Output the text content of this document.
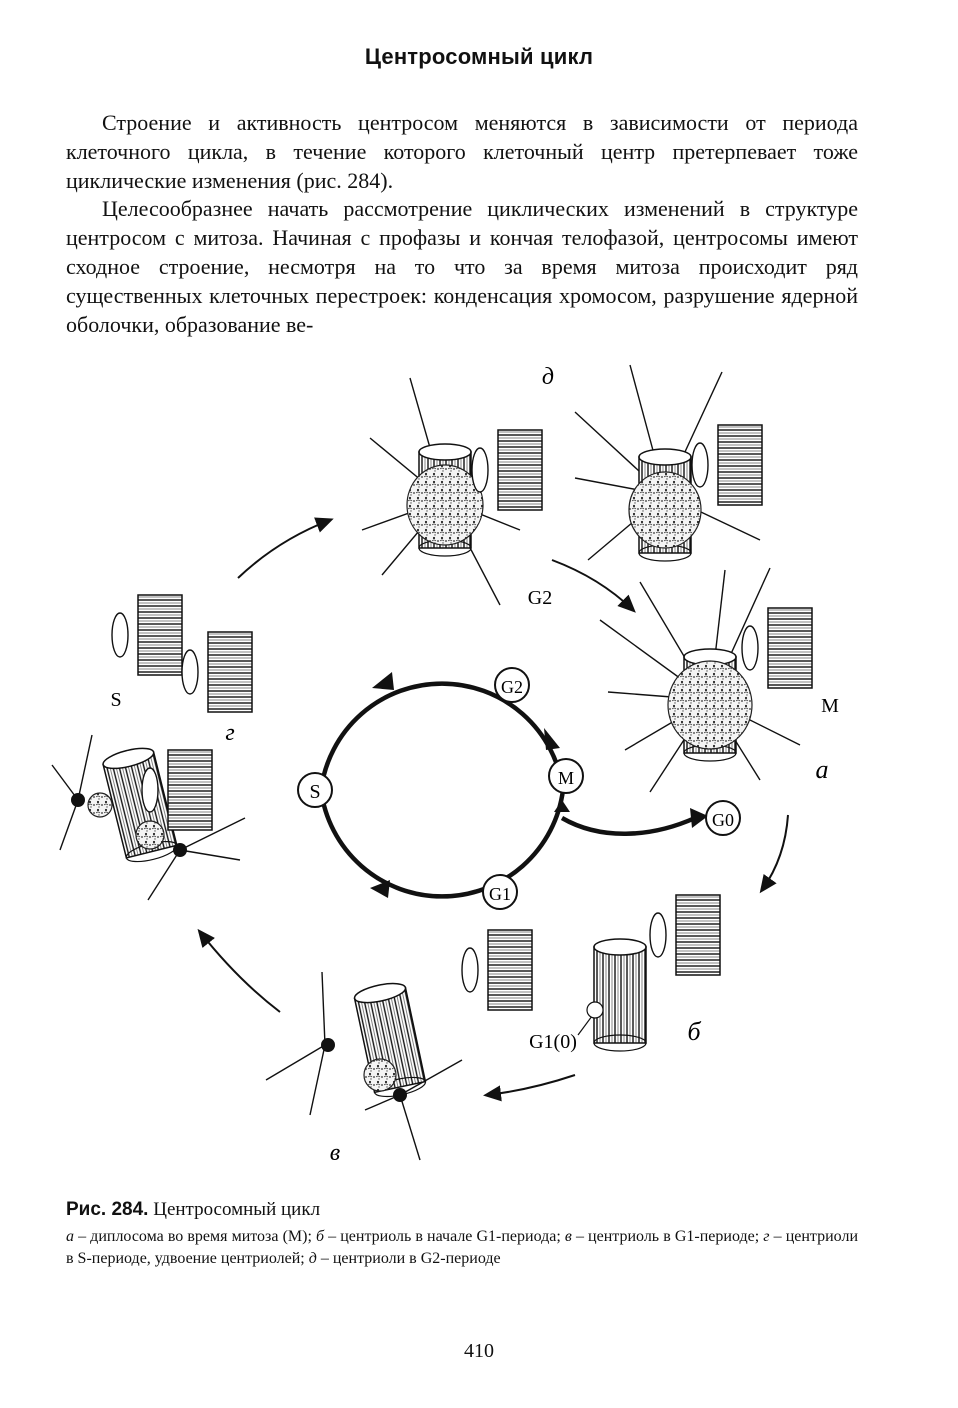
Центросомный цикл

Строение и активность центросом меняются в зависимости от периода клеточного цикла, в течение которого клеточный центр претерпевает тоже циклические изменения (рис. 284).

Целесообразнее начать рассмотрение циклических изменений в структуре центросом с митоза. Начиная с профазы и кончая телофазой, центросомы имеют сходное строение, несмотря на то что за время митоза происходит ряд существенных клеточных перестроек: конденсация хромосом, разрушение ядерной оболочки, образование ве-

S
G2
M
G1
G0
д
G2
M
а
G1(0)	б
в
S
г
Рис. 284. Центросомный цикл

а – диплосома во время митоза (M); б – центриоль в начале G1-периода; в – центриоль в G1-периоде; г – центриоли в S-периоде, удвоение центриолей; д – центриоли в G2-периоде

410
